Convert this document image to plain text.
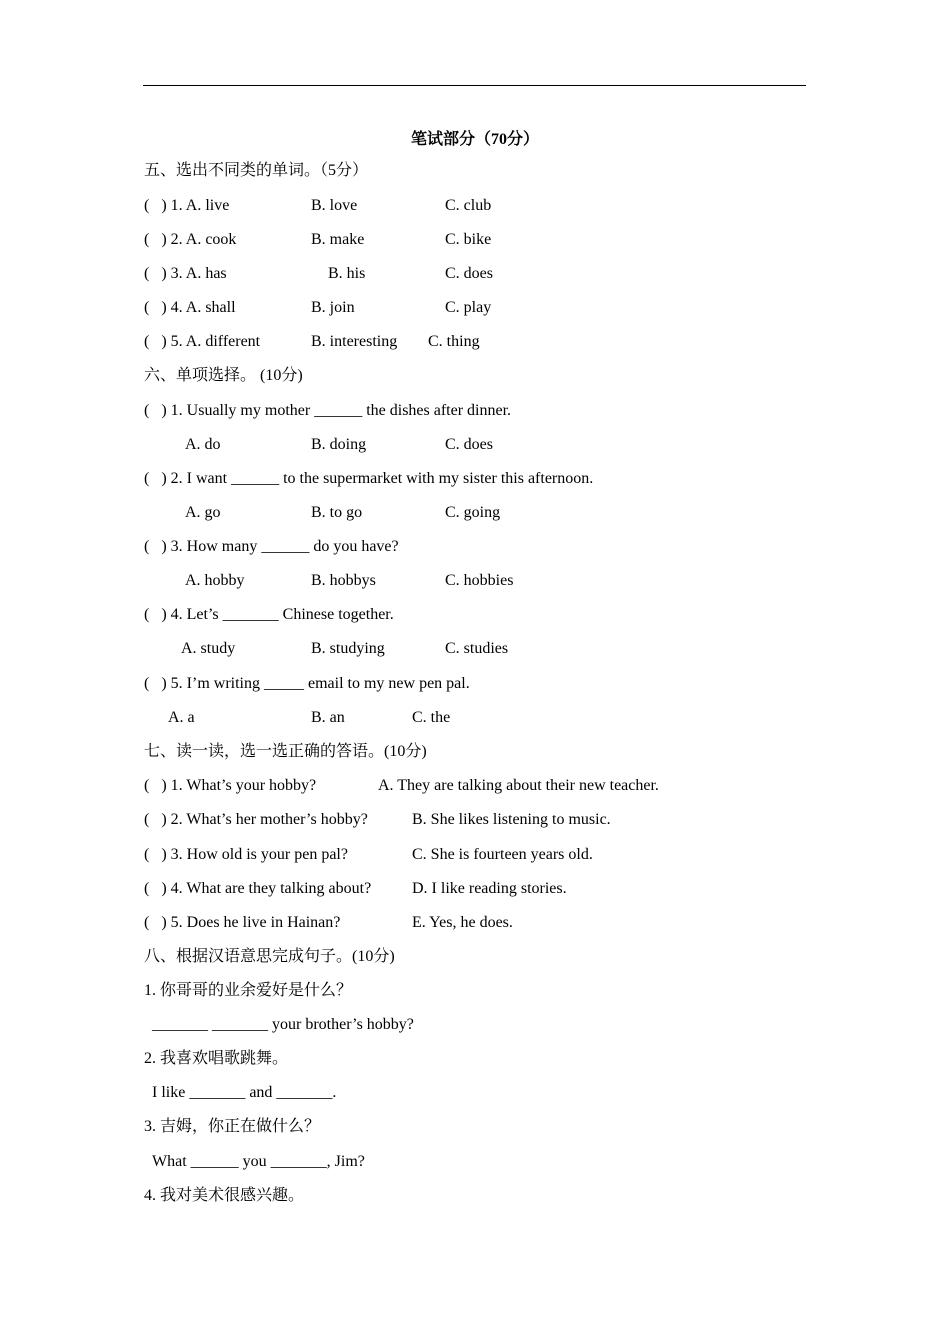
笔试部分（70分）
五、选出不同类的单词。（5分）
(   ) 1. A. live	B. love	C. club
(   ) 2. A. cook	B. make	C. bike
(   ) 3. A. has	B. his	C. does
(   ) 4. A. shall	B. join	C. play
(   ) 5. A. different	B. interesting C. thing
六、单项选择。 (10分)
(   ) 1. Usually my mother ______ the dishes after dinner.
A. do	B. doing	C. does
(   ) 2. I want ______ to the supermarket with my sister this afternoon.
A. go	B. to go	C. going
(   ) 3. How many ______ do you have?
A. hobby	B. hobbys	C. hobbies
(   ) 4. Let’s _______ Chinese together.
A. study	B. studying	C. studies
(   ) 5. I’m writing _____ email to my new pen pal.
A. a	B. an	C. the
七、读一读，选一选正确的答语。(10分)
(   ) 1. What’s your hobby?	A. They are talking about their new teacher.
(   ) 2. What’s her mother’s hobby?	B. She likes listening to music.
(   ) 3. How old is your pen pal?	C. She is fourteen years old.
(   ) 4. What are they talking about?	D. I like reading stories.
(   ) 5. Does he live in Hainan?	E. Yes, he does.
八、根据汉语意思完成句子。(10分)
1. 你哥哥的业余爱好是什么？
_______ _______ your brother’s hobby?
2. 我喜欢唱歌跳舞。
I like _______ and _______.
3. 吉姆，你正在做什么？
What ______ you _______, Jim?
4. 我对美术很感兴趣。
